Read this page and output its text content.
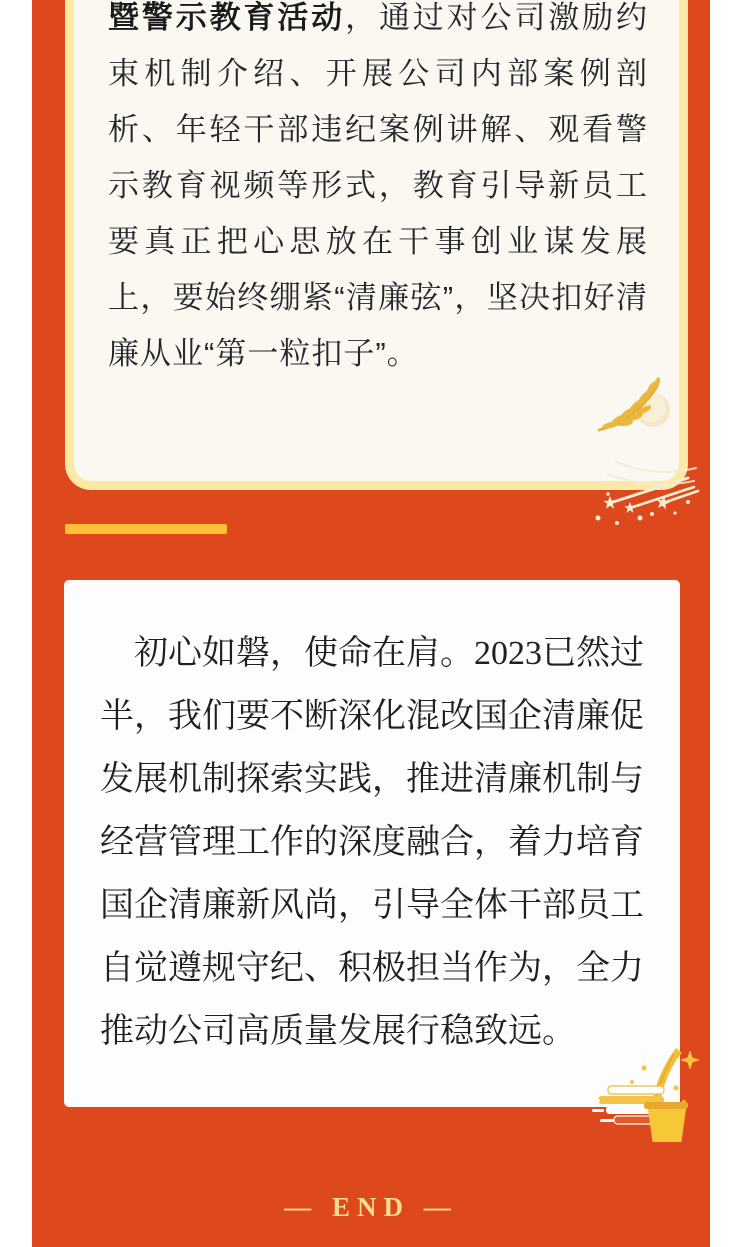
暨警示教育活动，通过对公司激励约束机制介绍、开展公司内部案例剖析、年轻干部违纪案例讲解、观看警示教育视频等形式，教育引导新员工要真正把心思放在干事创业谋发展上，要始终绷紧“清廉弦”，坚决扣好清廉从业“第一粒扣子”。

初心如磐，使命在肩。2023已然过半，我们要不断深化混改国企清廉促发展机制探索实践，推进清廉机制与经营管理工作的深度融合，着力培育国企清廉新风尚，引导全体干部员工自觉遵规守纪、积极担当作为，全力推动公司高质量发展行稳致远。

— END —
